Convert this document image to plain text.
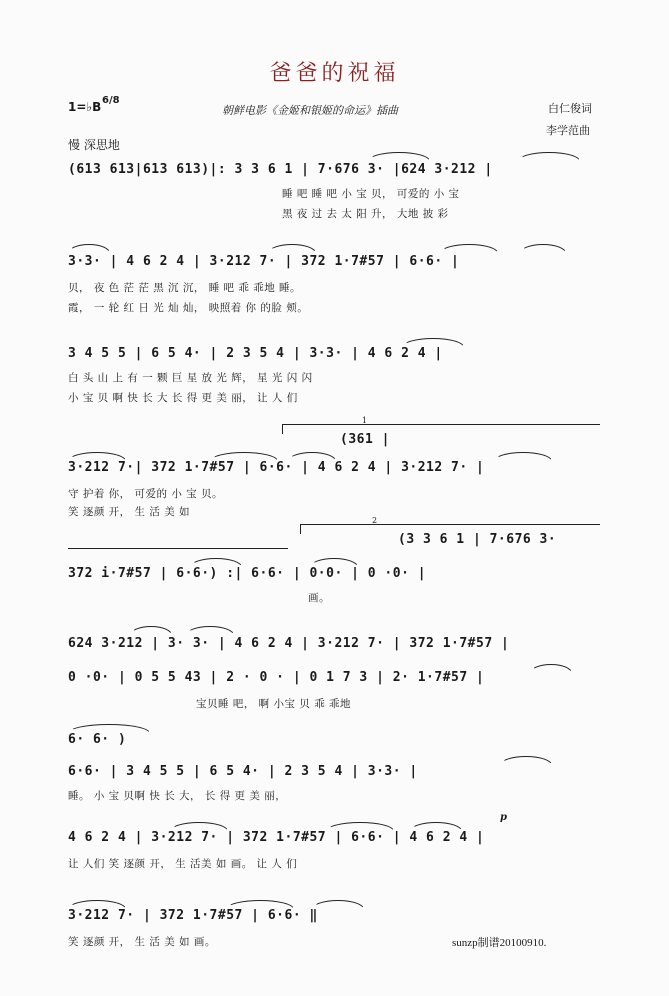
爸爸的祝福
1=♭B 6/8
朝鲜电影《金姬和银姬的命运》插曲	白仁俊词
李学范曲
慢 深思地
(613 613|613 613)|: 3 3 6 1 | 7·676 3· |624 3·212 |
睡 吧 睡 吧 小 宝 贝， 可爱的 小 宝
黑 夜 过 去 太 阳 升， 大地 披 彩
3·3· | 4 6 2 4 | 3·212 7· | 372 1·7#57 | 6·6· |
贝， 夜 色 茫 茫 黑 沉 沉， 睡 吧 乖 乖地 睡。
霞， 一 轮 红 日 光 灿 灿， 映照着 你 的脸 颊。
3 4 5 5 | 6 5 4· | 2 3 5 4 | 3·3· | 4 6 2 4 |
白 头 山 上 有 一 颗 巨 星 放 光 辉， 星 光 闪 闪
小 宝 贝 啊 快 长 大 长 得 更 美 丽， 让 人 们
1
(361 |
3·212 7·| 372 1·7#57 | 6·6· | 4 6 2 4 | 3·212 7· |
守 护着 你， 可爱的 小 宝 贝。
笑 逐颜 开， 生 活 美 如
2
(3 3 6 1 | 7·676 3·
372 i·7#57 | 6·6·) :| 6·6· | 0·0· | 0 ·0· |
画。
624 3·212 | 3· 3· | 4 6 2 4 | 3·212 7· | 372 1·7#57 |
0 ·0· | 0 5 5 43 | 2 · 0 · | 0 1 7 3 | 2· 1·7#57 |
宝贝睡 吧， 啊 小宝 贝 乖 乖地
6· 6· )
6·6· | 3 4 5 5 | 6 5 4· | 2 3 5 4 | 3·3· |
睡。 小 宝 贝啊 快 长 大， 长 得 更 美 丽，
p
4 6 2 4 | 3·212 7· | 372 1·7#57 | 6·6· | 4 6 2 4 |
让 人们 笑 逐颜 开， 生 活美 如 画。 让 人 们
3·212 7· | 372 1·7#57 | 6·6· ‖
笑 逐颜 开， 生 活 美 如 画。	sunzp制谱20100910.
